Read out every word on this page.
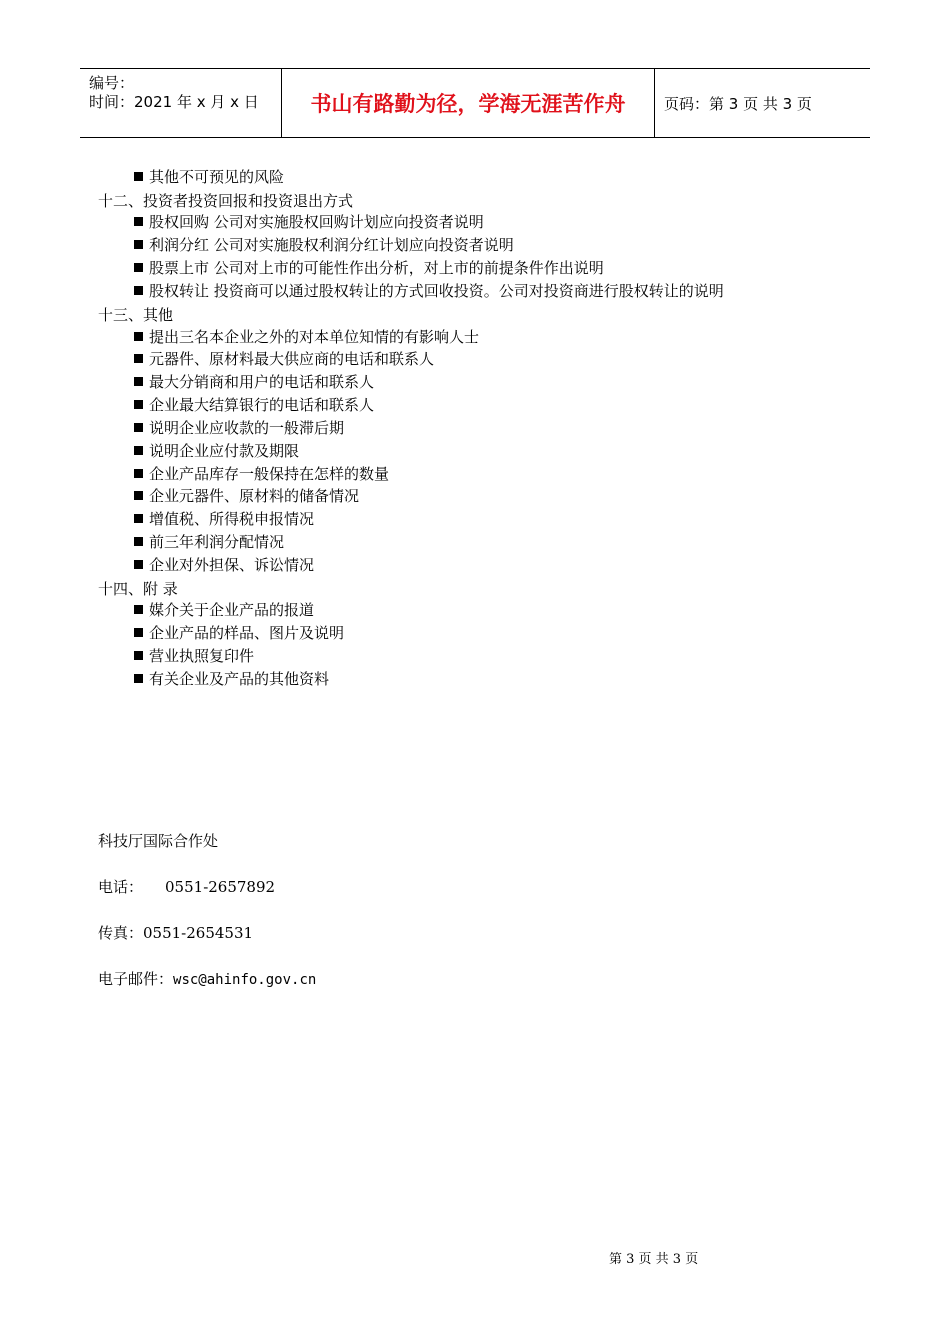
编号：
时间：2021 年 x 月 x 日 书山有路勤为径，学海无涯苦作舟	页码：第 3 页 共 3 页
其他不可预见的风险
十二、投资者投资回报和投资退出方式
股权回购 公司对实施股权回购计划应向投资者说明
利润分红 公司对实施股权利润分红计划应向投资者说明
股票上市 公司对上市的可能性作出分析，对上市的前提条件作出说明
股权转让 投资商可以通过股权转让的方式回收投资。公司对投资商进行股权转让的说明
十三、其他
提出三名本企业之外的对本单位知情的有影响人士
元器件、原材料最大供应商的电话和联系人
最大分销商和用户的电话和联系人
企业最大结算银行的电话和联系人
说明企业应收款的一般滞后期
说明企业应付款及期限
企业产品库存一般保持在怎样的数量
企业元器件、原材料的储备情况
增值税、所得税申报情况
前三年利润分配情况
企业对外担保、诉讼情况
十四、附 录
媒介关于企业产品的报道
企业产品的样品、图片及说明
营业执照复印件
有关企业及产品的其他资料
科技厅国际合作处
电话： 0551-2657892
传真：0551-2654531
电子邮件：wsc@ahinfo.gov.cn
第 3 页 共 3 页
